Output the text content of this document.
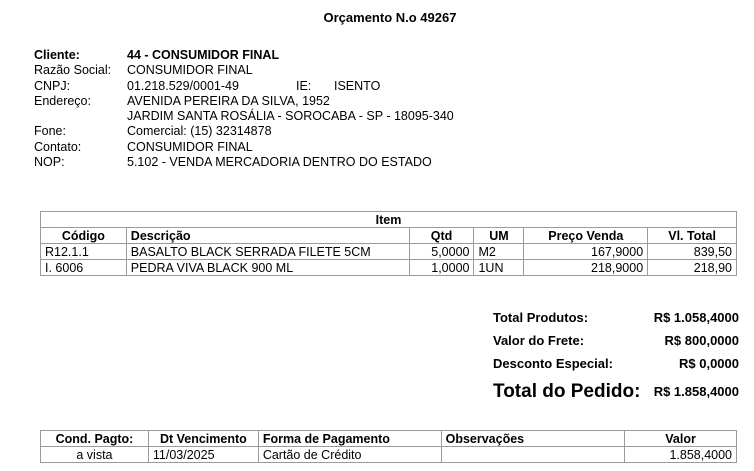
Orçamento N.o 49267
Cliente:	44 - CONSUMIDOR FINAL
Razão Social: CONSUMIDOR FINAL
CNPJ:	01.218.529/0001-49	IE: ISENTO
Endereço:	AVENIDA PEREIRA DA SILVA, 1952
JARDIM SANTA ROSÁLIA - SOROCABA - SP - 18095-340
Fone:	Comercial: (15) 32314878
Contato:	CONSUMIDOR FINAL
NOP:	5.102 - VENDA MERCADORIA DENTRO DO ESTADO
Item					
Código	Descrição	Qtd	UM	Preço Venda	Vl. Total
R12.1.1	BASALTO BLACK SERRADA FILETE 5CM	5,0000	M2	167,9000	839,50
I. 6006	PEDRA VIVA BLACK 900 ML	1,0000	1UN	218,9000	218,90
Total Produtos:	R$ 1.058,4000
Valor do Frete:	R$ 800,0000
Desconto Especial:	R$ 0,0000
Total do Pedido: R$ 1.858,4000
Cond. Pagto:	Dt Vencimento	Forma de Pagamento	Observações	Valor
a vista	11/03/2025	Cartão de Crédito		1.858,4000
